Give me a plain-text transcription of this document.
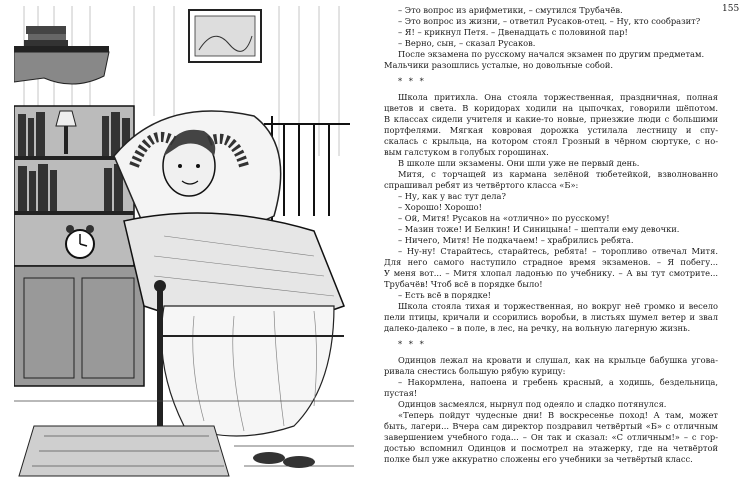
155
– Это вопрос из арифметики, – смутился Трубачёв.
– Это вопрос из жизни, – ответил Русаков-отец. – Ну, кто сообразит?
– Я! – крикнул Петя. – Двенадцать с половиной пар!
– Верно, сын, – сказал Русаков.
После экзамена по русскому начался экзамен по другим предметам.
Мальчики разошлись усталые, но довольные собой.
* * *
Школа притихла. Она стояла торжественная, праздничная, полная
цветов и света. В коридорах ходили на цыпочках, говорили шёпотом.
В классах сидели учителя и какие-то новые, приезжие люди с большими
портфелями. Мягкая ковровая дорожка устилала лестницу и спу-
скалась с крыльца, на котором стоял Грозный в чёрном сюртуке, с но-
вым галстуком в голубых горошинах.
В школе шли экзамены. Они шли уже не первый день.
Митя, с торчащей из кармана зелёной тюбетейкой, взволнованно
спрашивал ребят из четвёртого класса «Б»:
– Ну, как у вас тут дела?
– Хорошо! Хорошо!
– Ой, Митя! Русаков на «отлично» по русскому!
– Мазин тоже! И Белкин! И Синицына! – шептали ему девочки.
– Ничего, Митя! Не подкачаем! – храбрились ребята.
– Ну-ну! Старайтесь, старайтесь, ребята! – торопливо отвечал Митя.
Для него самого наступило страдное время экзаменов. – Я побегу...
У меня вот... – Митя хлопал ладонью по учебнику. – А вы тут смотрите...
Трубачёв! Чтоб всё в порядке было!
– Есть всё в порядке!
Школа стояла тихая и торжественная, но вокруг неё громко и весело
пели птицы, кричали и ссорились воробьи, в листьях шумел ветер и звал
далеко-далеко – в поле, в лес, на речку, на вольную лагерную жизнь.
* * *
Одинцов лежал на кровати и слушал, как на крыльце бабушка угова-
ривала снестись большую рябую курицу:
– Накормлена, напоена и гребень красный, а ходишь, бездельница,
пустая!
Одинцов засмеялся, нырнул под одеяло и сладко потянулся.
«Теперь пойдут чудесные дни! В воскресенье поход! А там, может
быть, лагери... Вчера сам директор поздравил четвёртый «Б» с отличным
завершением учебного года... – Он так и сказал: «С отличным!» – с гор-
достью вспомнил Одинцов и посмотрел на этажерку, где на четвёртой
полке был уже аккуратно сложены его учебники за четвёртый класс.
